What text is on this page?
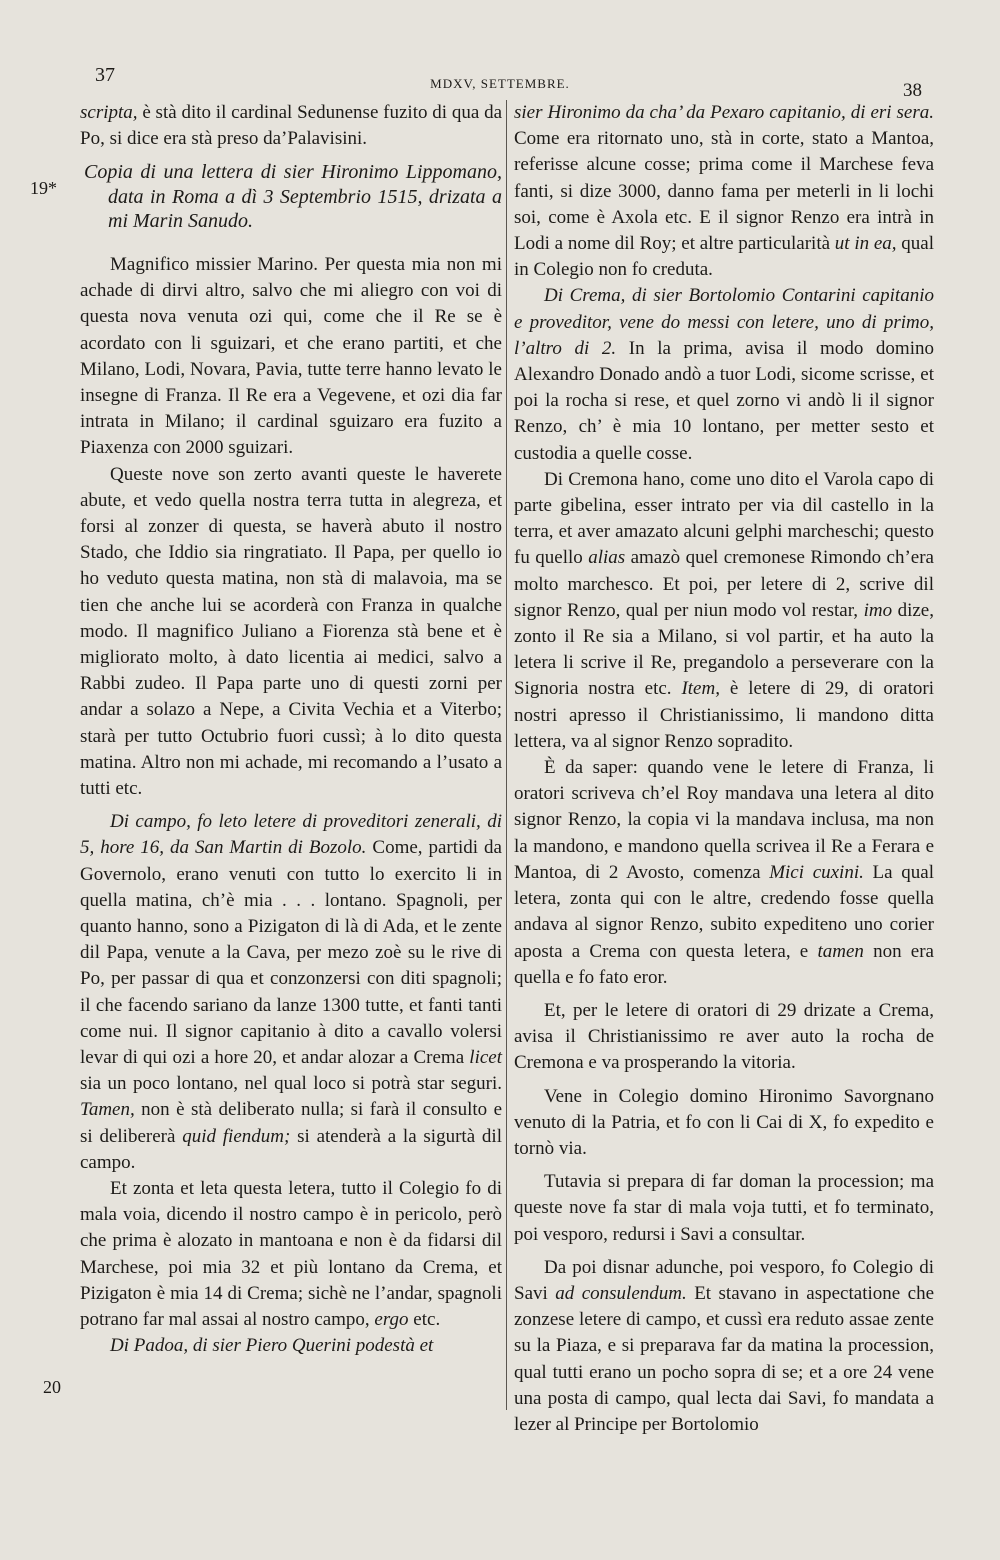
37	MDXV, SETTEMBRE.	38
19*
20

scripta, è stà dito il cardinal Sedunense fuzito di qua da Po, si dice era stà preso da’Palavisini.

Copia di una lettera di sier Hironimo Lippomano, data in Roma a dì 3 Septembrio 1515, drizata a mi Marin Sanudo.

Magnifico missier Marino. Per questa mia non mi achade di dirvi altro, salvo che mi aliegro con voi di questa nova venuta ozi qui, come che il Re se è acordato con li sguizari, et che erano partiti, et che Milano, Lodi, Novara, Pavia, tutte terre hanno levato le insegne di Franza. Il Re era a Vegevene, et ozi dia far intrata in Milano; il cardinal sguizaro era fuzito a Piaxenza con 2000 sguizari.

Queste nove son zerto avanti queste le haverete abute, et vedo quella nostra terra tutta in alegreza, et forsi al zonzer di questa, se haverà abuto il nostro Stado, che Iddio sia ringratiato. Il Papa, per quello io ho veduto questa matina, non stà di malavoia, ma se tien che anche lui se acorderà con Franza in qualche modo. Il magnifico Juliano a Fiorenza stà bene et è migliorato molto, à dato licentia ai medici, salvo a Rabbi zudeo. Il Papa parte uno di questi zorni per andar a solazo a Nepe, a Civita Vechia et a Viterbo; starà per tutto Octubrio fuori cussì; à lo dito questa matina. Altro non mi achade, mi recomando a l’usato a tutti etc.

Di campo, fo leto letere di proveditori zenerali, di 5, hore 16, da San Martin di Bozolo. Come, partidi da Governolo, erano venuti con tutto lo exercito li in quella matina, ch’è mia . . . lontano. Spagnoli, per quanto hanno, sono a Pizigaton di là di Ada, et le zente dil Papa, venute a la Cava, per mezo zoè su le rive di Po, per passar di qua et conzonzersi con diti spagnoli; il che facendo sariano da lanze 1300 tutte, et fanti tanti come nui. Il signor capitanio à dito a cavallo volersi levar di qui ozi a hore 20, et andar alozar a Crema licet sia un poco lontano, nel qual loco si potrà star seguri. Tamen, non è stà deliberato nulla; si farà il consulto e si delibererà quid fiendum; si atenderà a la sigurtà dil campo.

Et zonta et leta questa letera, tutto il Colegio fo di mala voia, dicendo il nostro campo è in pericolo, però che prima è alozato in mantoana e non è da fidarsi dil Marchese, poi mia 32 et più lontano da Crema, et Pizigaton è mia 14 di Crema; sichè ne l’andar, spagnoli potrano far mal assai al nostro campo, ergo etc.

Di Padoa, di sier Piero Querini podestà et

sier Hironimo da cha’ da Pexaro capitanio, di eri sera. Come era ritornato uno, stà in corte, stato a Mantoa, referisse alcune cosse; prima come il Marchese feva fanti, si dize 3000, danno fama per meterli in li lochi soi, come è Axola etc. E il signor Renzo era intrà in Lodi a nome dil Roy; et altre particularità ut in ea, qual in Colegio non fo creduta.

Di Crema, di sier Bortolomio Contarini capitanio e proveditor, vene do messi con letere, uno di primo, l’altro di 2. In la prima, avisa il modo domino Alexandro Donado andò a tuor Lodi, sicome scrisse, et poi la rocha si rese, et quel zorno vi andò li il signor Renzo, ch’ è mia 10 lontano, per metter sesto et custodia a quelle cosse.

Di Cremona hano, come uno dito el Varola capo di parte gibelina, esser intrato per via dil castello in la terra, et aver amazato alcuni gelphi marcheschi; questo fu quello alias amazò quel cremonese Rimondo ch’era molto marchesco. Et poi, per letere di 2, scrive dil signor Renzo, qual per niun modo vol restar, imo dize, zonto il Re sia a Milano, si vol partir, et ha auto la letera li scrive il Re, pregandolo a perseverare con la Signoria nostra etc. Item, è letere di 29, di oratori nostri apresso il Christianissimo, li mandono ditta lettera, va al signor Renzo sopradito.

È da saper: quando vene le letere di Franza, li oratori scriveva ch’el Roy mandava una letera al dito signor Renzo, la copia vi la mandava inclusa, ma non la mandono, e mandono quella scrivea il Re a Ferara e Mantoa, di 2 Avosto, comenza Mici cuxini. La qual letera, zonta qui con le altre, credendo fosse quella andava al signor Renzo, subito expediteno uno corier aposta a Crema con questa letera, e tamen non era quella e fo fato eror.

Et, per le letere di oratori di 29 drizate a Crema, avisa il Christianissimo re aver auto la rocha de Cremona e va prosperando la vitoria.

Vene in Colegio domino Hironimo Savorgnano venuto di la Patria, et fo con li Cai di X, fo expedito e tornò via.

Tutavia si prepara di far doman la procession; ma queste nove fa star di mala voja tutti, et fo terminato, poi vesporo, redursi i Savi a consultar.

Da poi disnar adunche, poi vesporo, fo Colegio di Savi ad consulendum. Et stavano in aspectatione che zonzese letere di campo, et cussì era reduto assae zente su la Piaza, e si preparava far da matina la procession, qual tutti erano un pocho sopra di se; et a ore 24 vene una posta di campo, qual lecta dai Savi, fo mandata a lezer al Principe per Bortolomio
